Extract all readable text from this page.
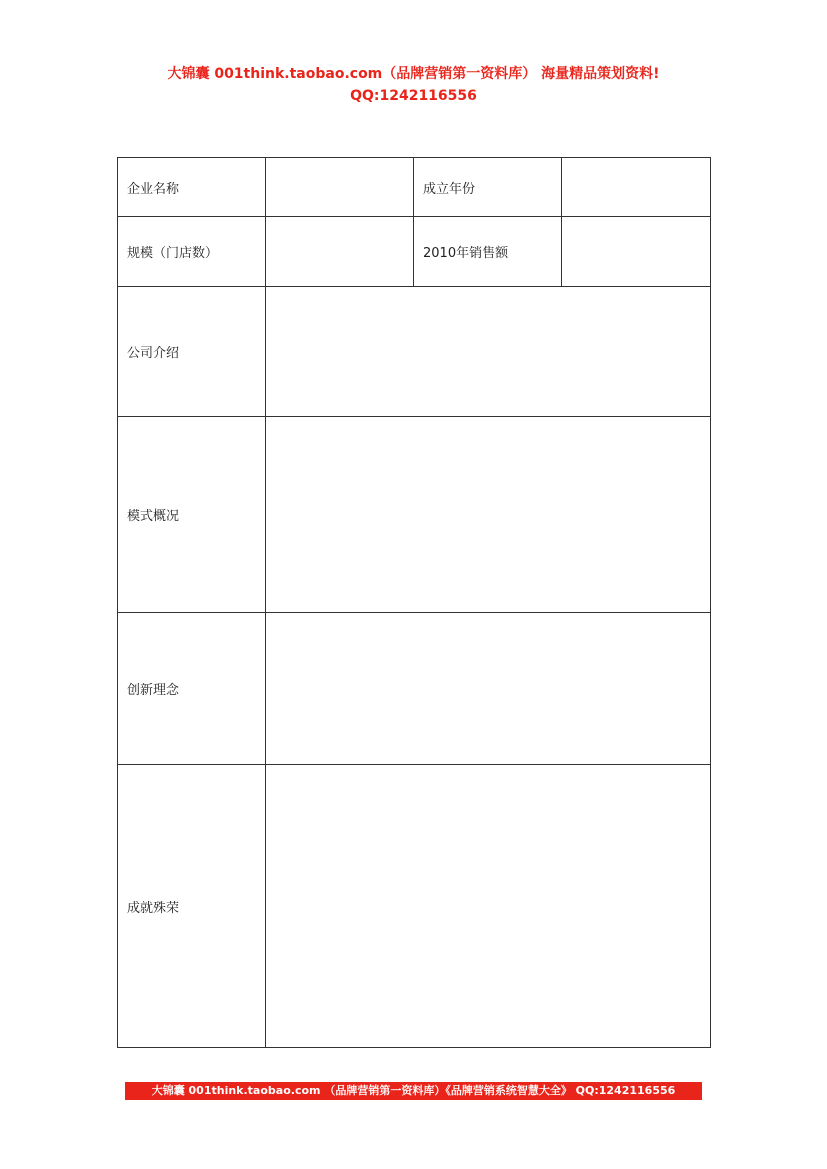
大锦囊 001think.taobao.com（品牌营销第一资料库） 海量精品策划资料!
QQ:1242116556
企业名称		成立年份	
规模（门店数）		2010年销售额	
公司介绍			
模式概况			
创新理念			
成就殊荣			
大锦囊 001think.taobao.com （品牌营销第一资料库）《品牌营销系统智慧大全》 QQ:1242116556
